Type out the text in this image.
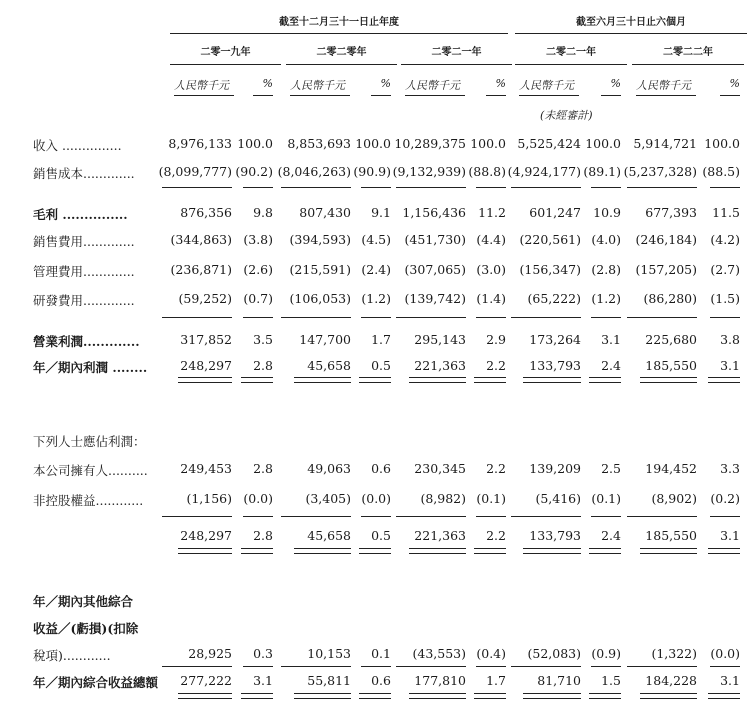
截至十二月三十一日止年度	截至六月三十日止六個月
(未經審計)
二零一九年	二零二零年	二零二一年	二零二一年	二零二二年
人民幣千元	% 人民幣千元	% 人民幣千元	% 人民幣千元	% 人民幣千元	%
收入 ...............	8,976,133 100.0	8,853,693 100.0 10,289,375 100.0 5,525,424 100.0 5,914,721 100.0
銷售成本.............	(8,099,777) (90.2) (8,046,263) (90.9) (9,132,939) (88.8) (4,924,177) (89.1) (5,237,328) (88.5)
毛利 ...............	876,356	9.8	807,430	9.1 1,156,436 11.2	601,247 10.9	677,393	11.5
銷售費用.............	(344,863) (3.8)	(394,593) (4.5)	(451,730) (4.4)	(220,561) (4.0)	(246,184)	(4.2)
管理費用.............	(236,871) (2.6)	(215,591) (2.4)	(307,065) (3.0)	(156,347) (2.8)	(157,205)	(2.7)
研發費用.............	(59,252) (0.7)	(106,053) (1.2)	(139,742) (1.4)	(65,222) (1.2)	(86,280)	(1.5)
營業利潤.............	317,852	3.5	147,700	1.7	295,143	2.9	173,264	3.1	225,680	3.8
年／期內利潤 ........	248,297	2.8	45,658	0.5	221,363	2.2	133,793	2.4	185,550	3.1
下列人士應佔利潤：
本公司擁有人..........	249,453	2.8	49,063	0.6	230,345	2.2	139,209	2.5	194,452	3.3
非控股權益............	(1,156) (0.0)	(3,405) (0.0)	(8,982) (0.1)	(5,416) (0.1)	(8,902)	(0.2)
248,297	2.8	45,658	0.5	221,363	2.2	133,793	2.4	185,550	3.1
年／期內其他綜合
收益／(虧損)(扣除
稅項)............	28,925	0.3	10,153	0.1	(43,553) (0.4)	(52,083) (0.9)	(1,322)	(0.0)
年／期內綜合收益總額	277,222	3.1	55,811	0.6	177,810	1.7	81,710	1.5	184,228	3.1
